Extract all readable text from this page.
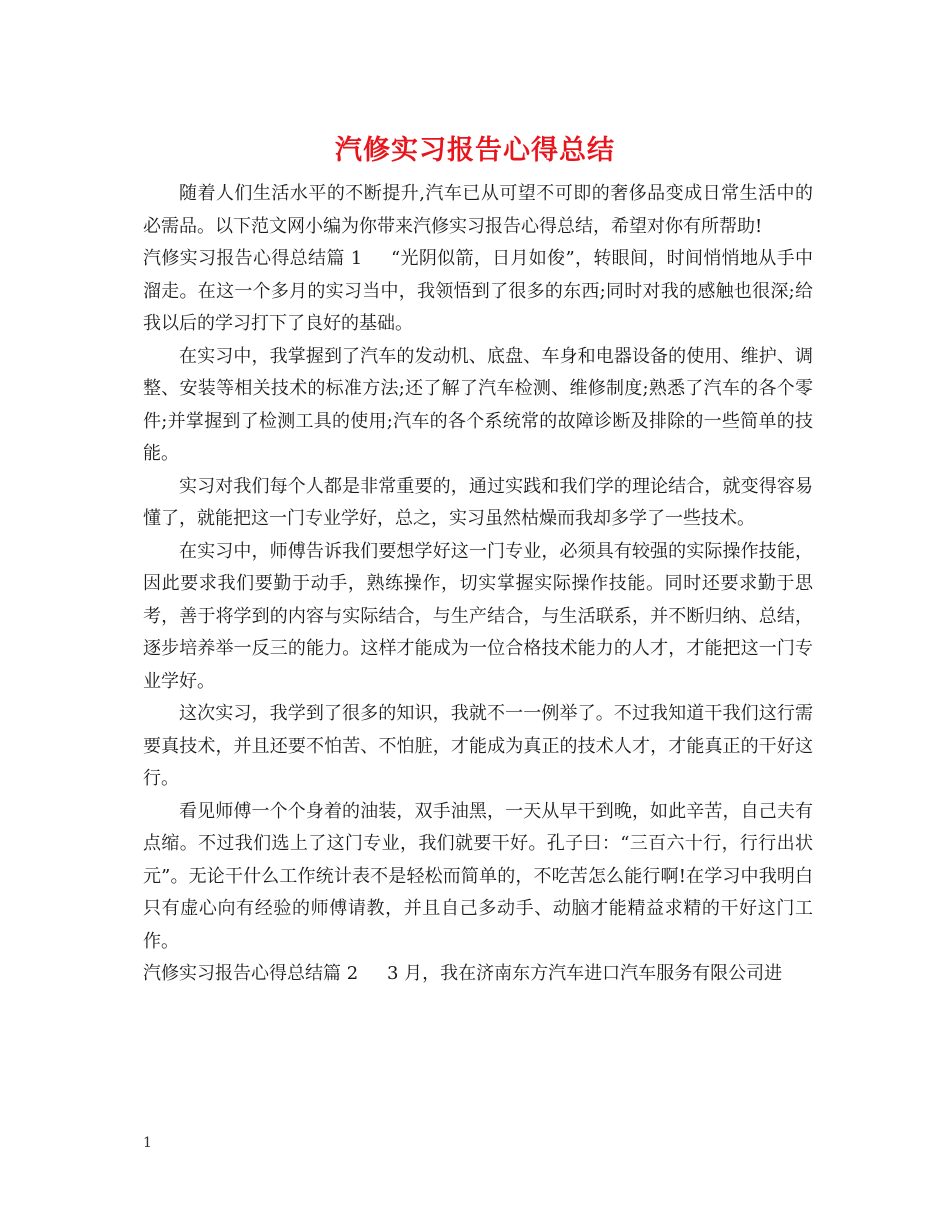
汽修实习报告心得总结

随着人们生活水平的不断提升,汽车已从可望不可即的奢侈品变成日常生活中的必需品。以下范文网小编为你带来汽修实习报告心得总结，希望对你有所帮助!

汽修实习报告心得总结篇 1 “光阴似箭，日月如俊”，转眼间，时间悄悄地从手中溜走。在这一个多月的实习当中，我领悟到了很多的东西;同时对我的感触也很深;给我以后的学习打下了良好的基础。

在实习中，我掌握到了汽车的发动机、底盘、车身和电器设备的使用、维护、调整、安装等相关技术的标准方法;还了解了汽车检测、维修制度;熟悉了汽车的各个零件;并掌握到了检测工具的使用;汽车的各个系统常的故障诊断及排除的一些简单的技能。

实习对我们每个人都是非常重要的，通过实践和我们学的理论结合，就变得容易懂了，就能把这一门专业学好，总之，实习虽然枯燥而我却多学了一些技术。

在实习中，师傅告诉我们要想学好这一门专业，必须具有较强的实际操作技能，因此要求我们要勤于动手，熟练操作，切实掌握实际操作技能。同时还要求勤于思考，善于将学到的内容与实际结合，与生产结合，与生活联系，并不断归纳、总结，逐步培养举一反三的能力。这样才能成为一位合格技术能力的人才，才能把这一门专业学好。

这次实习，我学到了很多的知识，我就不一一例举了。不过我知道干我们这行需要真技术，并且还要不怕苦、不怕脏，才能成为真正的技术人才，才能真正的干好这行。

看见师傅一个个身着的油装，双手油黑，一天从早干到晚，如此辛苦，自己夫有点缩。不过我们选上了这门专业，我们就要干好。孔子曰：“三百六十行，行行出状元”。无论干什么工作统计表不是轻松而简单的，不吃苦怎么能行啊!在学习中我明白只有虚心向有经验的师傅请教，并且自己多动手、动脑才能精益求精的干好这门工作。

汽修实习报告心得总结篇 2 3 月，我在济南东方汽车进口汽车服务有限公司进

1
